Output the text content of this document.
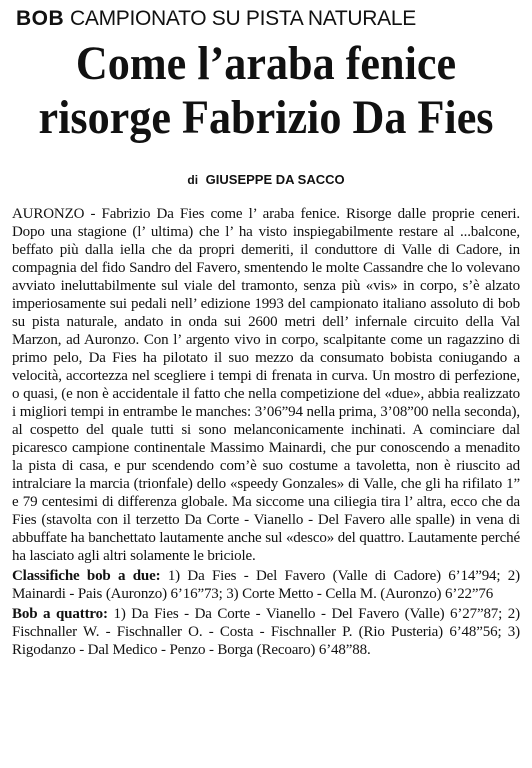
BOB CAMPIONATO SU PISTA NATURALE
Come l’araba fenice
risorge Fabrizio Da Fies
di GIUSEPPE DA SACCO

AURONZO - Fabrizio Da Fies come l’ araba fenice. Risorge dalle proprie ceneri. Dopo una stagione (l’ ultima) che l’ ha visto inspiegabilmente restare al ...balcone, beffato più dalla iella che da propri demeriti, il conduttore di Valle di Cadore, in compagnia del fido Sandro del Favero, smentendo le molte Cassandre che lo volevano avviato ineluttabilmente sul viale del tramonto, senza più «vis» in corpo, s’è alzato imperiosamente sui pedali nell’ edizione 1993 del campionato italiano assoluto di bob su pista naturale, andato in onda sui 2600 metri dell’ infernale circuito della Val Marzon, ad Auronzo. Con l’ argento vivo in corpo, scalpitante come un ragazzino di primo pelo, Da Fies ha pilotato il suo mezzo da consumato bobista coniugando a velocità, accortezza nel scegliere i tempi di frenata in curva. Un mostro di perfezione, o quasi, (e non è accidentale il fatto che nella competizione del «due», abbia realizzato i migliori tempi in entrambe le manches: 3’06”94 nella prima, 3’08”00 nella seconda), al cospetto del quale tutti si sono melanconicamente inchinati. A cominciare dal picaresco campione continentale Massimo Mainardi, che pur conoscendo a menadito la pista di casa, e pur scendendo com’è suo costume a tavoletta, non è riuscito ad intralciare la marcia (trionfale) dello «speedy Gonzales» di Valle, che gli ha rifilato 1” e 79 centesimi di differenza globale. Ma siccome una ciliegia tira l’ altra, ecco che da Fies (stavolta con il terzetto Da Corte - Vianello - Del Favero alle spalle) in vena di abbuffate ha banchettato lautamente anche sul «desco» del quattro. Lautamente perché ha lasciato agli altri solamente le briciole.

Classifiche bob a due: 1) Da Fies - Del Favero (Valle di Cadore) 6’14”94; 2) Mainardi - Pais (Auronzo) 6’16”73; 3) Corte Metto - Cella M. (Auronzo) 6’22”76

Bob a quattro: 1) Da Fies - Da Corte - Vianello - Del Favero (Valle) 6’27”87; 2) Fischnaller W. - Fischnaller O. - Costa - Fischnaller P. (Rio Pusteria) 6’48”56; 3) Rigodanzo - Dal Medico - Penzo - Borga (Recoaro) 6’48”88.
